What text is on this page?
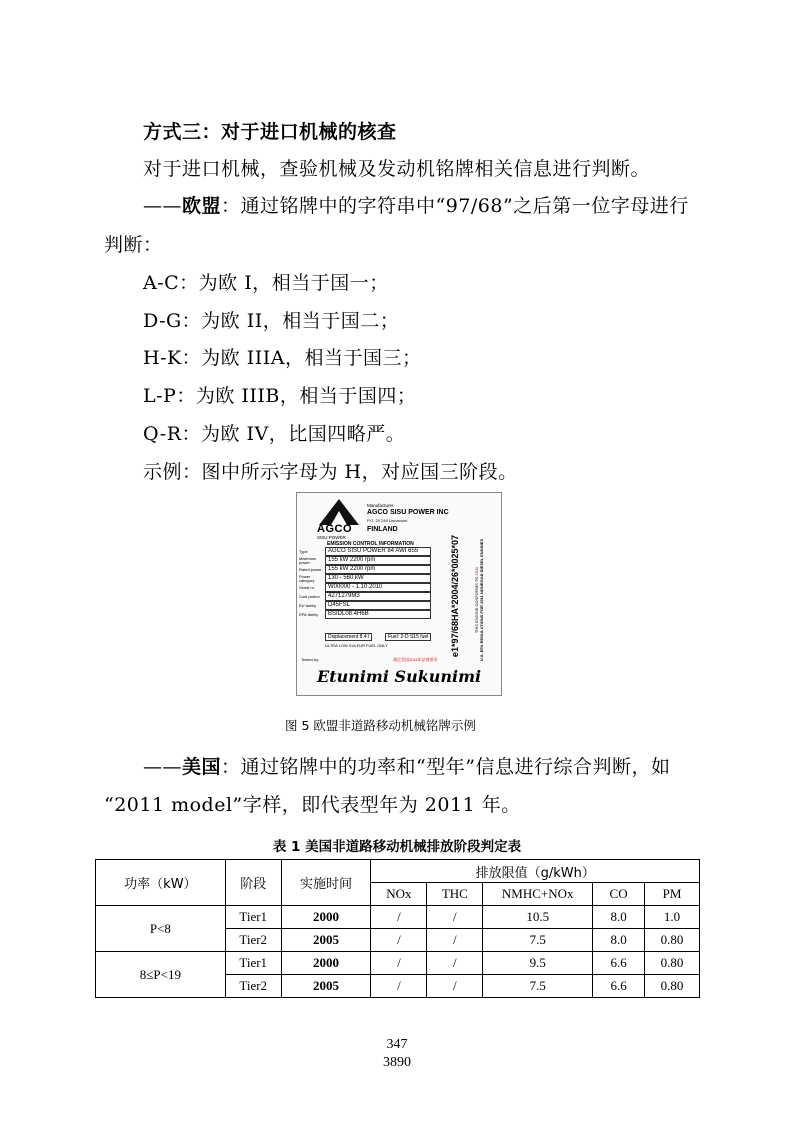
方式三：对于进口机械的核查
对于进口机械，查验机械及发动机铭牌相关信息进行判断。
——欧盟：通过铭牌中的字符串中“97/68”之后第一位字母进行
判断：
A-C：为欧 I，相当于国一；
D-G：为欧 II，相当于国二；
H-K：为欧 IIIA，相当于国三；
L-P：为欧 IIIB，相当于国四；
Q-R：为欧 IV，比国四略严。
示例：图中所示字母为 H，对应国三阶段。
AGCO
SISU POWER
Manufacturer
AGCO SISU POWER INC
P.O. 20 249 Linnavuori
FINLAND
EMISSION CONTROL INFORMATION
Type	AGCO SISU POWER 84 AWI 655
Maximum power	155 kW 2200 rpm
Rated power	155 kW 2200 rpm
Power category	130 - 560 kW
Serial nr	W00000 - 1.10.2010
Cust partno	4271279M3
EU family	D45FSL
EPA family	BSIDL08.4H6B
Displacement 8.4 l	Fuel: 2-D S15 fuel
ULTRA LOW SULFUR FUEL ONLY
Tested by:	满足美国2011年法规要求
Etunimi Sukunimi
e1*97/68HA*2004/26*0025*07	THIS ENGINE CONFORMS TO 2011
U.S. EPA REGULATIONS FOR 2011 NONROAD DIESEL ENGINES
图 5 欧盟非道路移动机械铭牌示例
——美国：通过铭牌中的功率和“型年”信息进行综合判断，如
“2011 model”字样，即代表型年为 2011 年。
表 1 美国非道路移动机械排放阶段判定表
功率（kW）	阶段	实施时间	排放限值（g/kWh）				
			NOx	THC	NMHC+NOx	CO	PM
P<8	Tier1	2000	/	/	10.5	8.0	1.0
	Tier2	2005	/	/	7.5	8.0	0.80
8≤P<19	Tier1	2000	/	/	9.5	6.6	0.80
	Tier2	2005	/	/	7.5	6.6	0.80
347
3890
